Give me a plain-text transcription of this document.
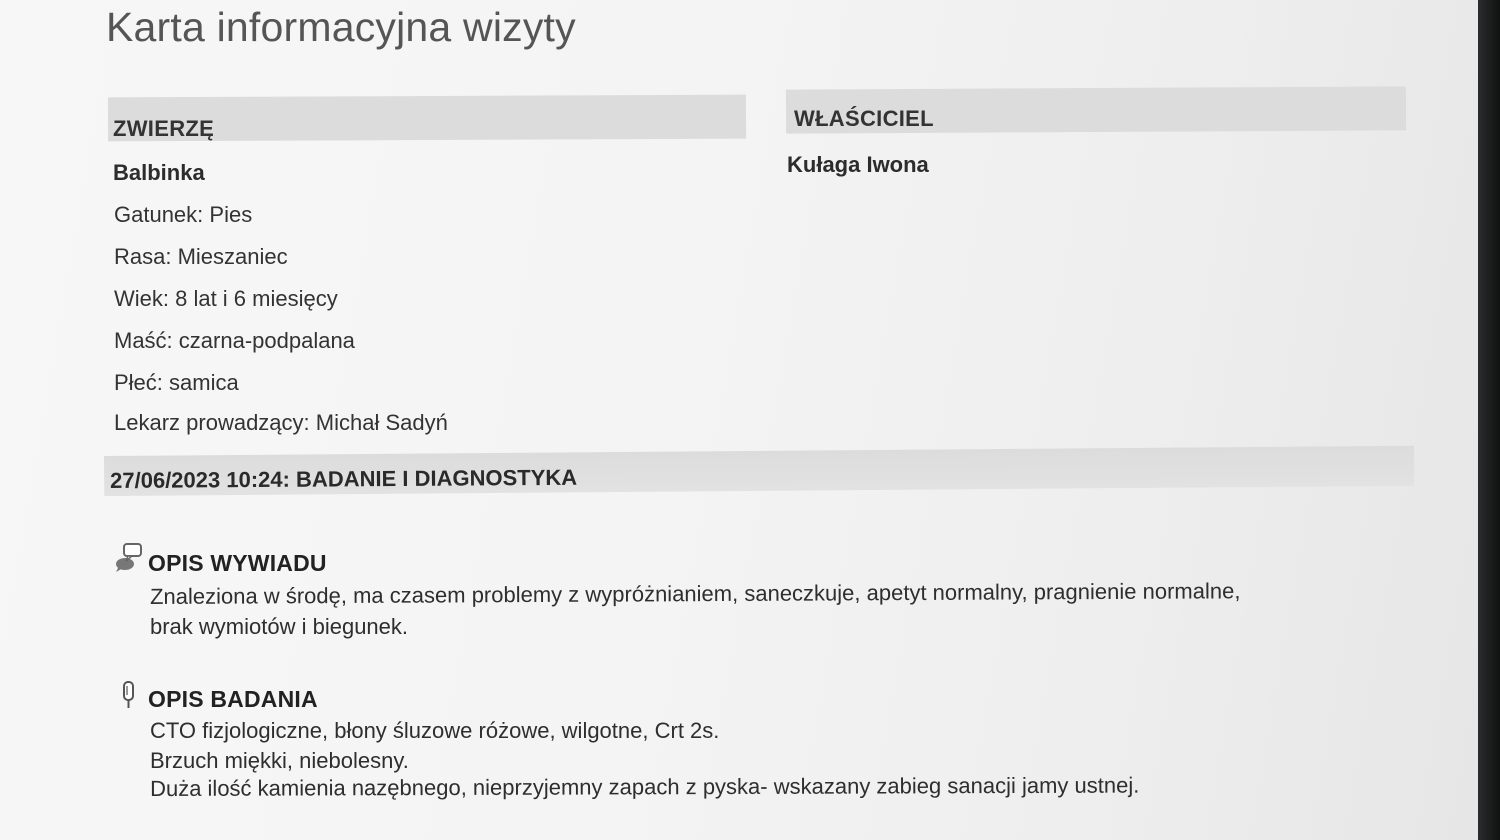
Karta informacyjna wizyty
ZWIERZĘ
Balbinka
Gatunek: Pies
Rasa: Mieszaniec
Wiek: 8 lat i 6 miesięcy
Maść: czarna-podpalana
Płeć: samica
Lekarz prowadzący: Michał Sadyń
WŁAŚCICIEL
Kułaga Iwona
27/06/2023 10:24: BADANIE I DIAGNOSTYKA
OPIS WYWIADU
Znaleziona w środę, ma czasem problemy z wypróżnianiem, saneczkuje, apetyt normalny, pragnienie normalne,
brak wymiotów i biegunek.
OPIS BADANIA
CTO fizjologiczne, błony śluzowe różowe, wilgotne, Crt 2s.
Brzuch miękki, niebolesny.
Duża ilość kamienia nazębnego, nieprzyjemny zapach z pyska- wskazany zabieg sanacji jamy ustnej.
